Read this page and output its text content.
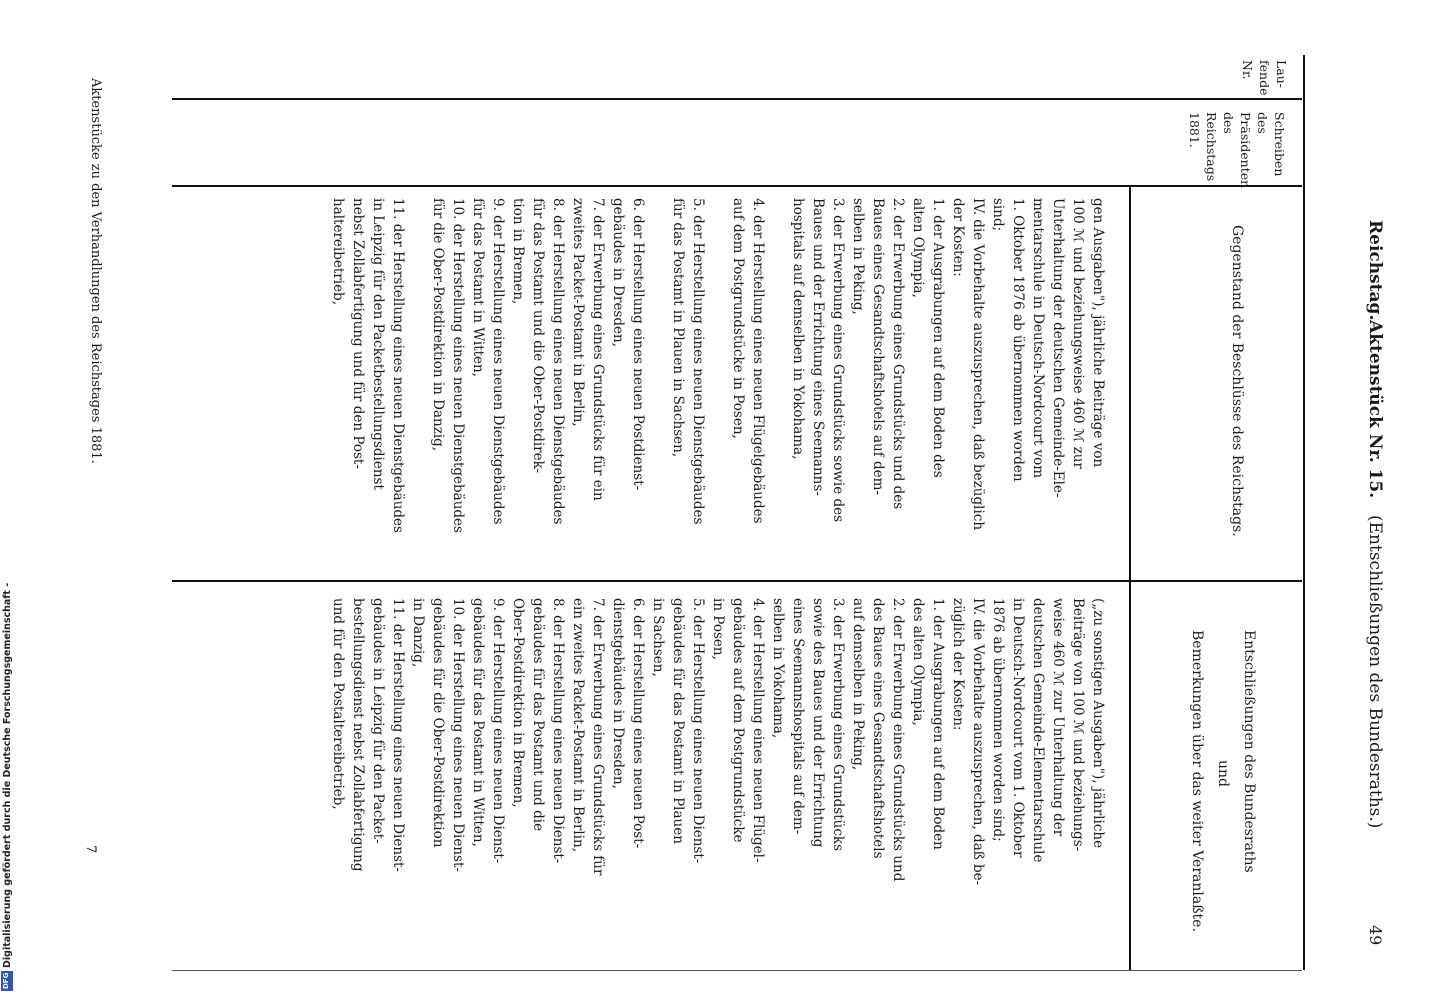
49
Reichstag.
Aktenstück Nr. 15.
(Entschließungen des Bundesraths.)
Lau-
fende
Nr.
Schreiben
des
Präsidenten
des
Reichstags
1881.
Gegenstand der Beschlüsse des Reichstags.
Entschließungen des Bundesraths
und
Bemerkungen über das weiter Veranlaßte.
gen Ausgaben"), jährliche Beiträge von
100 ℳ und beziehungsweise 460 ℳ zur
Unterhaltung der deutschen Gemeinde-Ele-
mentarschule in Deutsch-Nordcourt vom
1. Oktober 1876 ab übernommen worden
sind;
IV. die Vorbehalte auszusprechen, daß bezüglich
der Kosten:
1. der Ausgrabungen auf dem Boden des
alten Olympia,
2. der Erwerbung eines Grundstücks und des
Baues eines Gesandtschaftshotels auf dem-
selben in Peking,
3. der Erwerbung eines Grundstücks sowie des
Baues und der Errichtung eines Seemanns-
hospitals auf demselben in Yokohama,
4. der Herstellung eines neuen Flügelgebäudes
auf dem Postgrundstücke in Posen,
5. der Herstellung eines neuen Dienstgebäudes
für das Postamt in Plauen in Sachsen,
6. der Herstellung eines neuen Postdienst-
gebäudes in Dresden,
7. der Erwerbung eines Grundstücks für ein
zweites Packet-Postamt in Berlin,
8. der Herstellung eines neuen Dienstgebäudes
für das Postamt und die Ober-Postdirek-
tion in Bremen,
9. der Herstellung eines neuen Dienstgebäudes
für das Postamt in Witten,
10. der Herstellung eines neuen Dienstgebäudes
für die Ober-Postdirektion in Danzig,
11. der Herstellung eines neuen Dienstgebäudes
in Leipzig für den Packetbestellungsdienst
nebst Zollabfertigung und für den Post-
haltereibetrieb,
(„zu sonstigen Ausgaben"), jährliche
Beiträge von 100 ℳ und beziehungs-
weise 460 ℳ zur Unterhaltung der
deutschen Gemeinde-Elementarschule
in Deutsch-Nordcourt vom 1. Oktober
1876 ab übernommen worden sind;
IV. die Vorbehalte auszusprechen, daß be-
züglich der Kosten:
1. der Ausgrabungen auf dem Boden
des alten Olympia,
2. der Erwerbung eines Grundstücks und
des Baues eines Gesandtschaftshotels
auf demselben in Peking,
3. der Erwerbung eines Grundstücks
sowie des Baues und der Errichtung
eines Seemannshospitals auf dem-
selben in Yokohama,
4. der Herstellung eines neuen Flügel-
gebäudes auf dem Postgrundstücke
in Posen,
5. der Herstellung eines neuen Dienst-
gebäudes für das Postamt in Plauen
in Sachsen,
6. der Herstellung eines neuen Post-
dienstgebäudes in Dresden,
7. der Erwerbung eines Grundstücks für
ein zweites Packet-Postamt in Berlin,
8. der Herstellung eines neuen Dienst-
gebäudes für das Postamt und die
Ober-Postdirektion in Bremen,
9. der Herstellung eines neuen Dienst-
gebäudes für das Postamt in Witten,
10. der Herstellung eines neuen Dienst-
gebäudes für die Ober-Postdirektion
in Danzig,
11. der Herstellung eines neuen Dienst-
gebäudes in Leipzig für den Packet-
bestellungsdienst nebst Zollabfertigung
und für den Postaltereibetrieb,
Aktenstücke zu den Verhandlungen des Reichstages 1881.
7
Digitalisierung gefördert durch die Deutsche Forschungsgemeinschaft -
DFG
